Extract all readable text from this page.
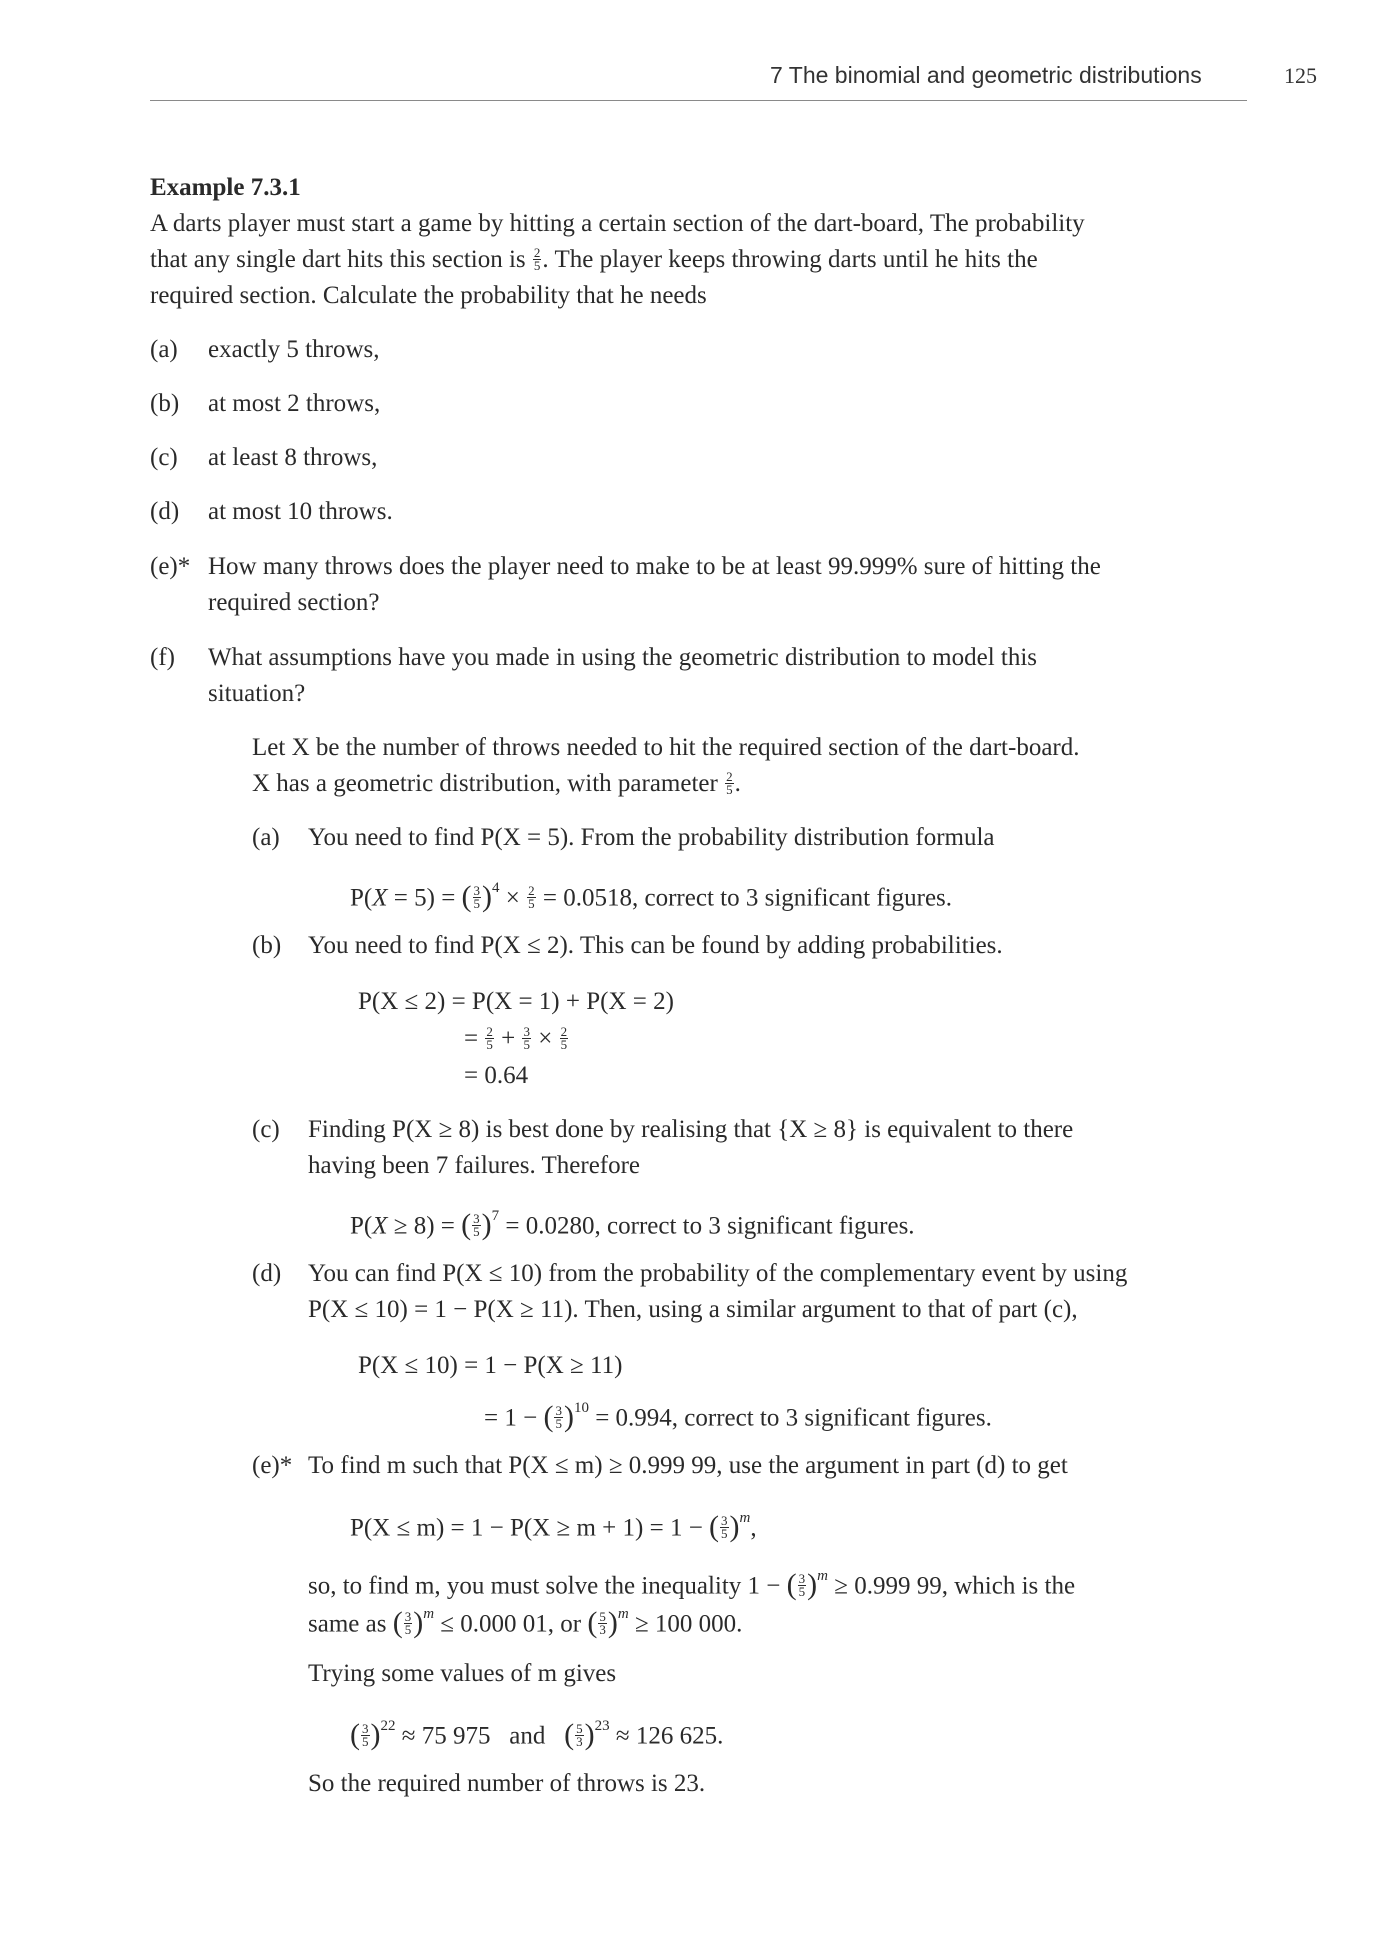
7 The binomial and geometric distributions	125
Example 7.3.1
A darts player must start a game by hitting a certain section of the dart-board, The probability
that any single dart hits this section is $\frac{2}{5}$ . The player keeps throwing darts until he hits the
required section. Calculate the probability that he needs
(a) exactly 5 throws,
(b) at most 2 throws,
(c) at least 8 throws,
(d) at most 10 throws.
(e)* How many throws does the player need to make to be at least 99.999% sure of hitting the
required section?
(f) What assumptions have you made in using the geometric distribution to model this
situation?
Let X be the number of throws needed to hit the required section of the dart-board.
X has a geometric distribution, with parameter $\frac{2}{5}$ .
(a) You need to find P(X = 5). From the probability distribution formula
P(X = 5) = ( $\frac{3}{5} )^4 \times \frac{2}{5} = 0.0518$, correct to 3 significant figures.
(b) You need to find P(X ≤ 2). This can be found by adding probabilities.
P(X ≤ 2) = P(X = 1) + P(X = 2)
= $\frac{2}{5} + \frac{3}{5} \times \frac{2}{5}$
= 0.64
(c) Finding P(X ≥ 8) is best done by realising that {X ≥ 8} is equivalent to there
having been 7 failures. Therefore
P(X ≥ 8) = ( $\frac{3}{5} )^7 = 0.0280$, correct to 3 significant figures.
(d) You can find P(X ≤ 10) from the probability of the complementary event by using
P(X ≤ 10) = 1 − P(X ≥ 11). Then, using a similar argument to that of part (c),
P(X ≤ 10) = 1 − P(X ≥ 11)
= 1 − ( $\frac{3}{5} )^{10} = 0.994$, correct to 3 significant figures.
(e)* To find m such that P(X ≤ m) ≥ 0.999 99, use the argument in part (d) to get
P(X ≤ m) = 1 − P(X ≥ m + 1) = 1 − ( $\frac{3}{5} )^m$,
so, to find m, you must solve the inequality 1 − ( $\frac{3}{5} )^m \ge 0.999$ 99, which is the
same as ( $\frac{3}{5} )^m \le 0.000$ 01, or ( $\frac{5}{3} )^m \ge 100$ 000.
Trying some values of m gives
( $\frac{3}{5} )^{22} \approx 75$ 975 and ( $\frac{5}{3} )^{23} \approx 126$ 625.
So the required number of throws is 23.
